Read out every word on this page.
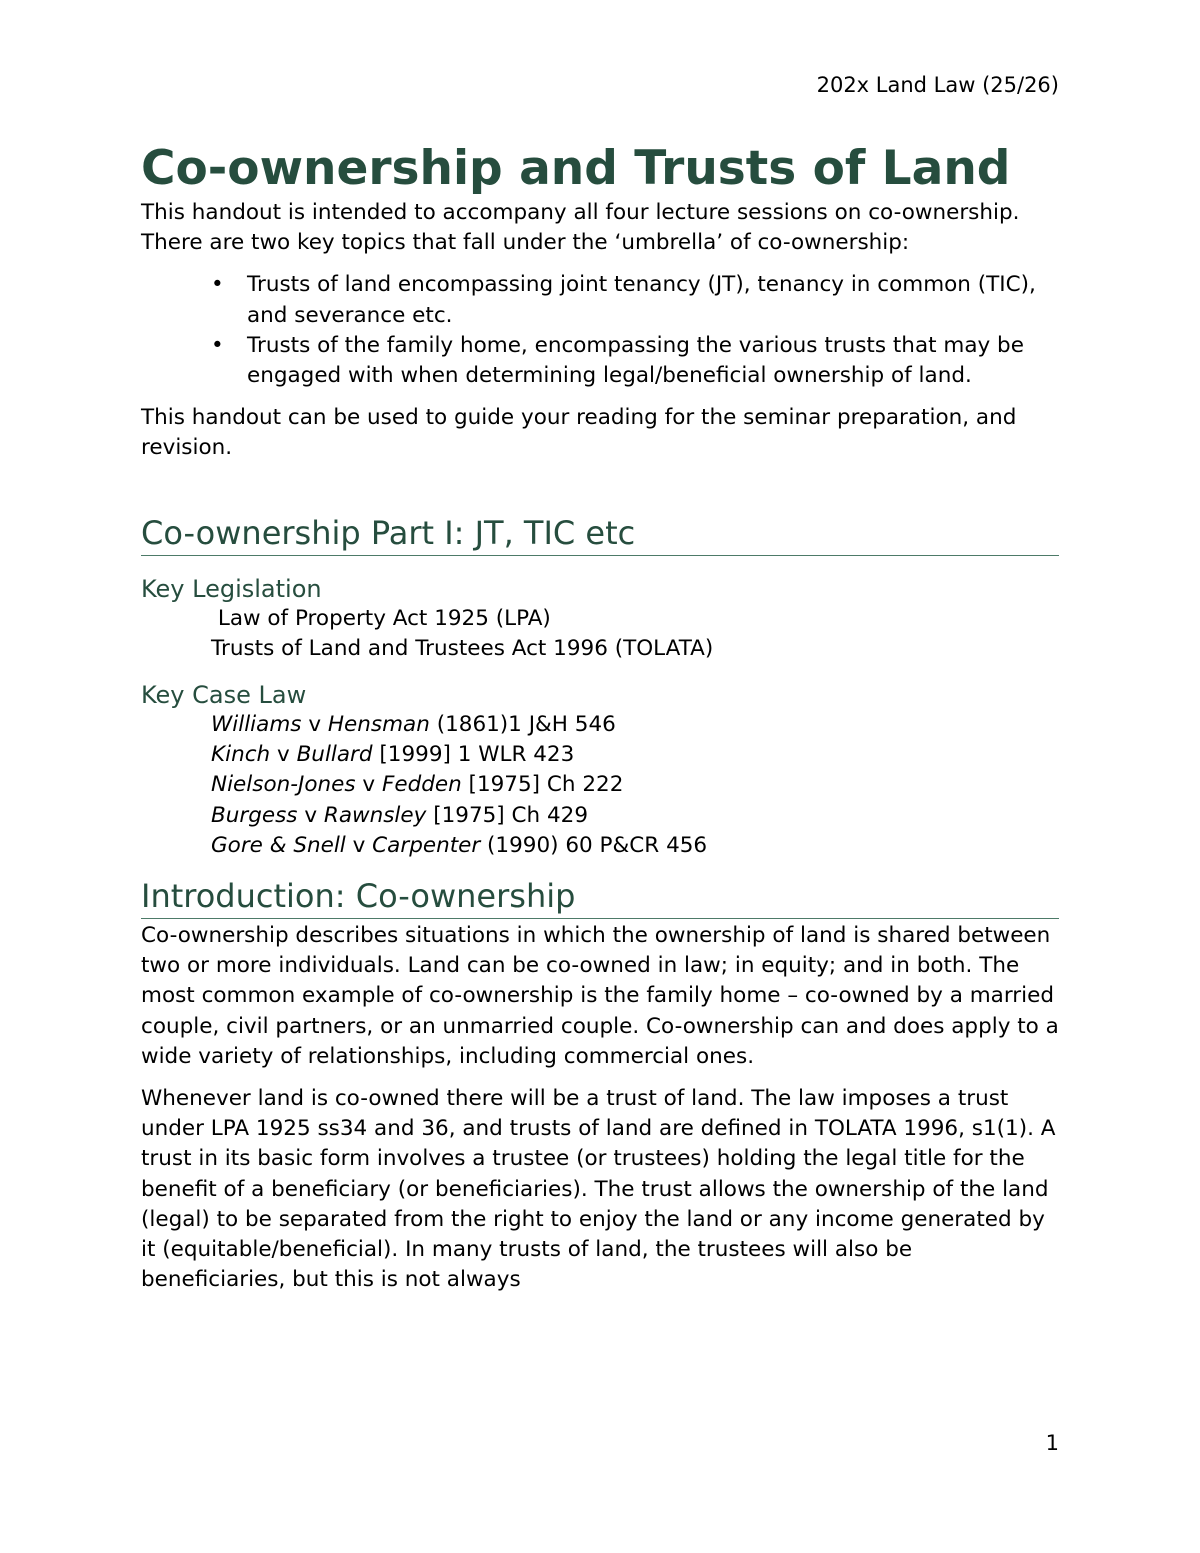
202x Land Law (25/26)
Co-ownership and Trusts of Land

This handout is intended to accompany all four lecture sessions on co-ownership. There are two key topics that fall under the ‘umbrella’ of co-ownership:

• Trusts of land encompassing joint tenancy (JT), tenancy in common (TIC), and severance etc.
• Trusts of the family home, encompassing the various trusts that may be engaged with when determining legal/beneficial ownership of land.

This handout can be used to guide your reading for the seminar preparation, and revision.

Co-ownership Part I: JT, TIC etc
Key Legislation
Law of Property Act 1925 (LPA)
Trusts of Land and Trustees Act 1996 (TOLATA)
Key Case Law
Williams v Hensman (1861)1 J&H 546
Kinch v Bullard [1999] 1 WLR 423
Nielson-Jones v Fedden [1975] Ch 222
Burgess v Rawnsley [1975] Ch 429
Gore & Snell v Carpenter (1990) 60 P&CR 456
Introduction: Co-ownership

Co-ownership describes situations in which the ownership of land is shared between two or more individuals. Land can be co-owned in law; in equity; and in both. The most common example of co-ownership is the family home – co-owned by a married couple, civil partners, or an unmarried couple. Co-ownership can and does apply to a wide variety of relationships, including commercial ones.

Whenever land is co-owned there will be a trust of land. The law imposes a trust under LPA 1925 ss34 and 36, and trusts of land are defined in TOLATA 1996, s1(1). A trust in its basic form involves a trustee (or trustees) holding the legal title for the benefit of a beneficiary (or beneficiaries). The trust allows the ownership of the land (legal) to be separated from the right to enjoy the land or any income generated by it (equitable/beneficial). In many trusts of land, the trustees will also be beneficiaries, but this is not always

1
